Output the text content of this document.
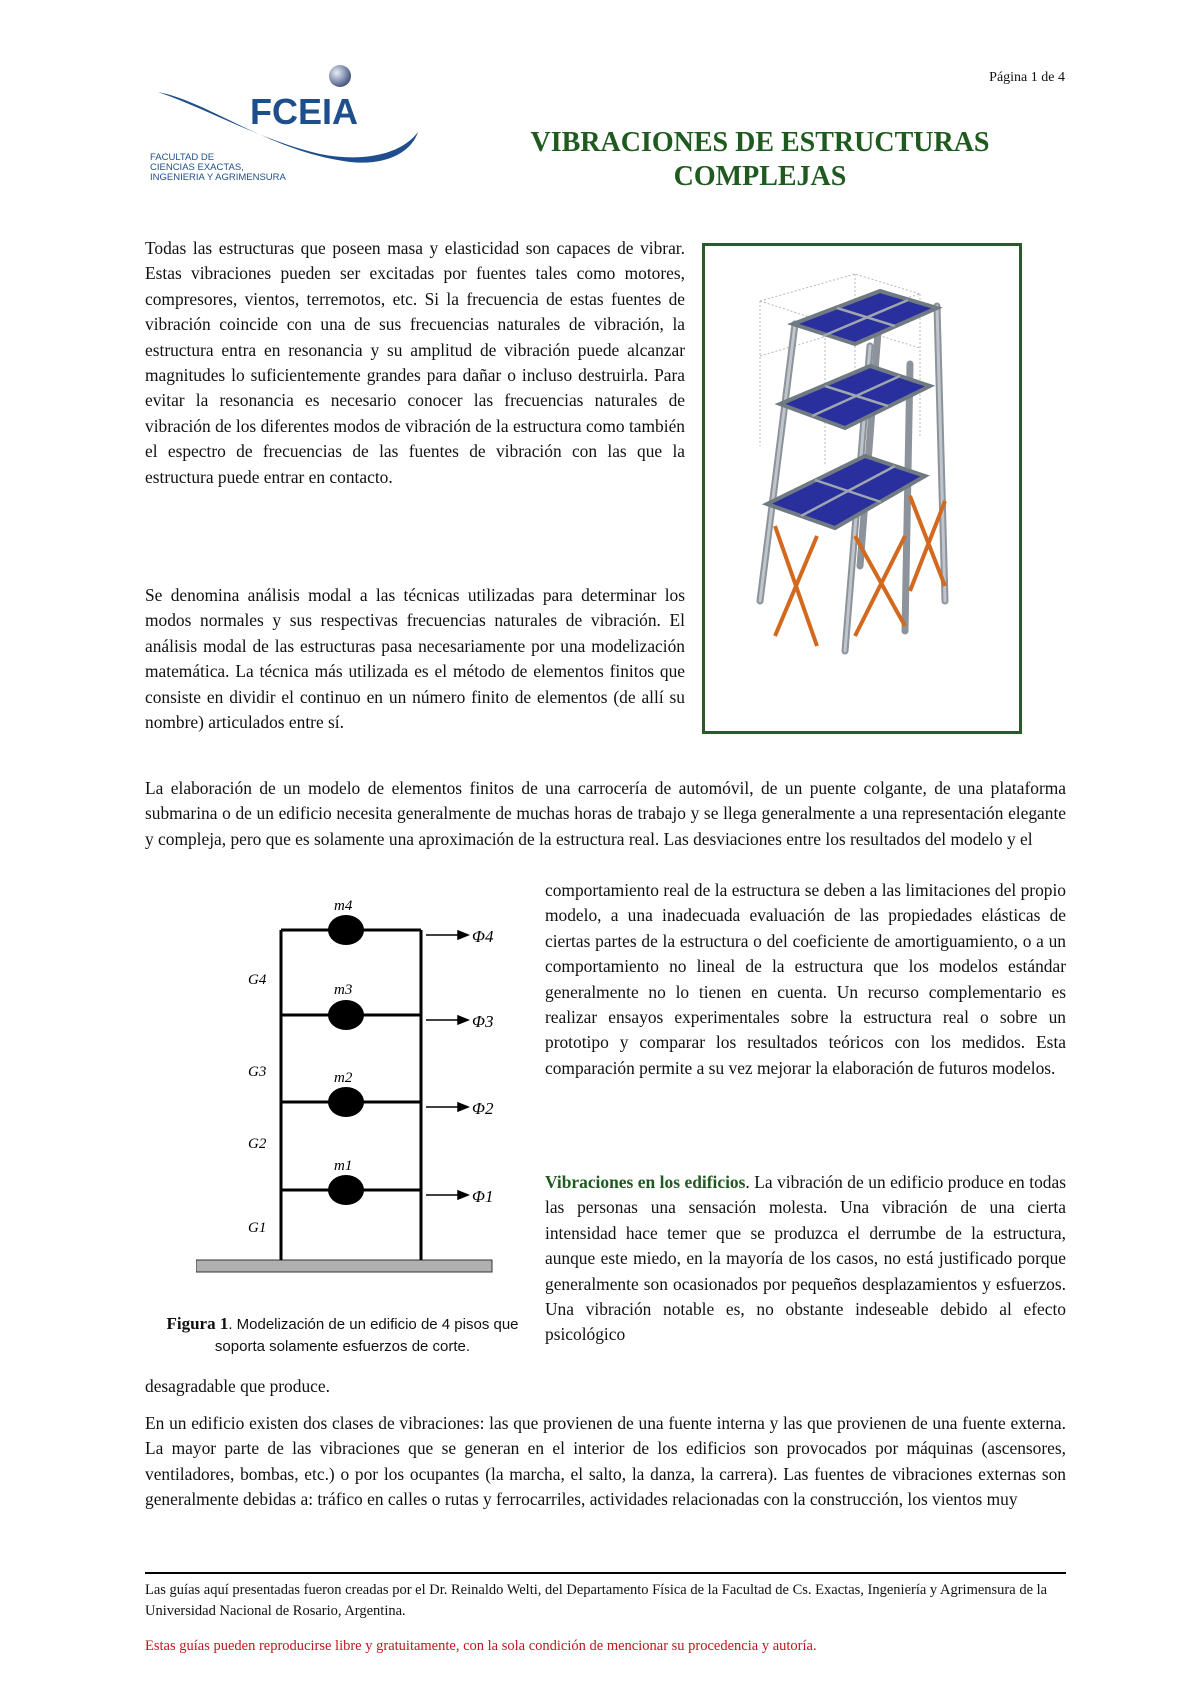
Página 1 de 4
FCEIA
FACULTAD DE
CIENCIAS EXACTAS,
INGENIERIA Y AGRIMENSURA
VIBRACIONES DE ESTRUCTURAS
COMPLEJAS

Todas las estructuras que poseen masa y elasticidad son capaces de vibrar. Estas vibraciones pueden ser excitadas por fuentes tales como motores, compresores, vientos, terremotos, etc. Si la frecuencia de estas fuentes de vibración coincide con una de sus frecuencias naturales de vibración, la estructura entra en resonancia y su amplitud de vibración puede alcanzar magnitudes lo suficientemente grandes para dañar o incluso destruirla. Para evitar la resonancia es necesario conocer las frecuencias naturales de vibración de los diferentes modos de vibración de la estructura como también el espectro de frecuencias de las fuentes de vibración con las que la estructura puede entrar en contacto.

Se denomina análisis modal a las técnicas utilizadas para determinar los modos normales y sus respectivas frecuencias naturales de vibración. El análisis modal de las estructuras pasa necesariamente por una modelización matemática. La técnica más utilizada es el método de elementos finitos que consiste en dividir el continuo en un número finito de elementos (de allí su nombre) articulados entre sí.

La elaboración de un modelo de elementos finitos de una carrocería de automóvil, de un puente colgante, de una plataforma submarina o de un edificio necesita generalmente de muchas horas de trabajo y se llega generalmente a una representación elegante y compleja, pero que es solamente una aproximación de la estructura real. Las desviaciones entre los resultados del modelo y el

comportamiento real de la estructura se deben a las limitaciones del propio modelo, a una inadecuada evaluación de las propiedades elásticas de ciertas partes de la estructura o del coeficiente de amortiguamiento, o a un comportamiento no lineal de la estructura que los modelos estándar generalmente no lo tienen en cuenta. Un recurso complementario es realizar ensayos experimentales sobre la estructura real o sobre un prototipo y comparar los resultados teóricos con los medidos. Esta comparación permite a su vez mejorar la elaboración de futuros modelos.

m4
m3
m2
m1
G4
G3
G2
G1
Φ4
Φ3
Φ2
Φ1
Figura 1. Modelización de un edificio de 4 pisos que soporta solamente esfuerzos de corte.

Vibraciones en los edificios. La vibración de un edificio produce en todas las personas una sensación molesta. Una vibración de una cierta intensidad hace temer que se produzca el derrumbe de la estructura, aunque este miedo, en la mayoría de los casos, no está justificado porque generalmente son ocasionados por pequeños desplazamientos y esfuerzos. Una vibración notable es, no obstante indeseable debido al efecto psicológico

desagradable que produce.

En un edificio existen dos clases de vibraciones: las que provienen de una fuente interna y las que provienen de una fuente externa. La mayor parte de las vibraciones que se generan en el interior de los edificios son provocados por máquinas (ascensores, ventiladores, bombas, etc.) o por los ocupantes (la marcha, el salto, la danza, la carrera). Las fuentes de vibraciones externas son generalmente debidas a: tráfico en calles o rutas y ferrocarriles, actividades relacionadas con la construcción, los vientos muy

Las guías aquí presentadas fueron creadas por el Dr. Reinaldo Welti, del Departamento Física de la Facultad de Cs. Exactas, Ingeniería y Agrimensura de la Universidad Nacional de Rosario, Argentina.
Estas guías pueden reproducirse libre y gratuitamente, con la sola condición de mencionar su procedencia y autoría.
